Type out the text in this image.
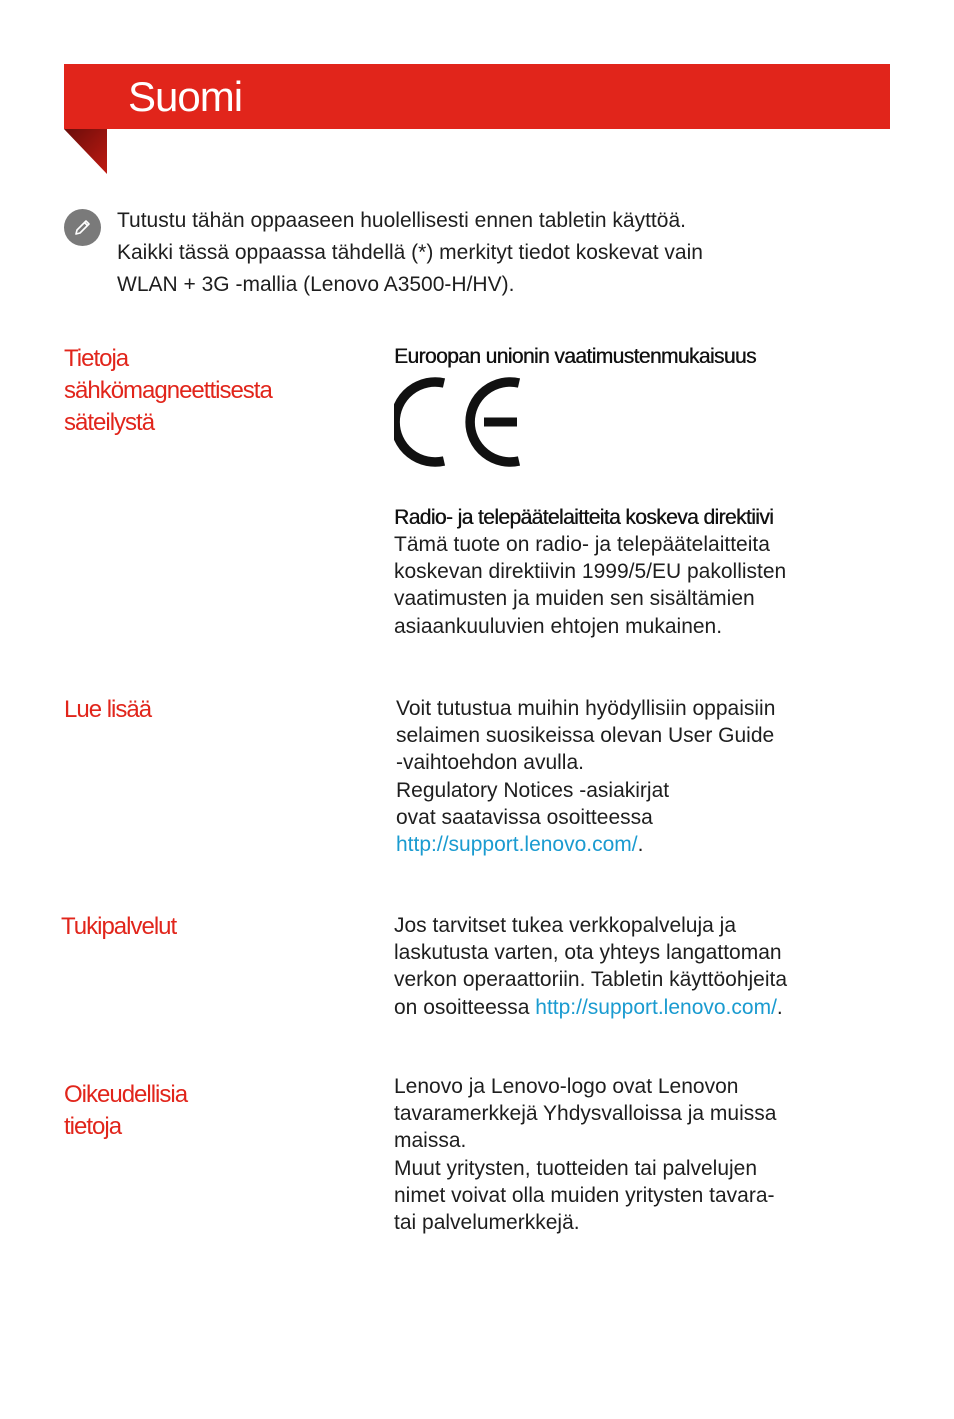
Suomi
Tutustu tähän oppaaseen huolellisesti ennen tabletin käyttöä.
Kaikki tässä oppaassa tähdellä (*) merkityt tiedot koskevat vain
WLAN + 3G -mallia (Lenovo A3500-H/HV).
Tietoja
sähkömagneettisesta
säteilystä
Euroopan unionin vaatimustenmukaisuus
Radio- ja telepäätelaitteita koskeva direktiivi
Tämä tuote on radio- ja telepäätelaitteita
koskevan direktiivin 1999/5/EU pakollisten
vaatimusten ja muiden sen sisältämien
asiaankuuluvien ehtojen mukainen.
Lue lisää	Voit tutustua muihin hyödyllisiin oppaisiin
selaimen suosikeissa olevan User Guide
-vaihtoehdon avulla.
Regulatory Notices -asiakirjat
ovat saatavissa osoitteessa
http://support.lenovo.com/.
Tukipalvelut	Jos tarvitset tukea verkkopalveluja ja
laskutusta varten, ota yhteys langattoman
verkon operaattoriin. Tabletin käyttöohjeita
on osoitteessa http://support.lenovo.com/.
Oikeudellisia
tietoja
Lenovo ja Lenovo-logo ovat Lenovon
tavaramerkkejä Yhdysvalloissa ja muissa
maissa.
Muut yritysten, tuotteiden tai palvelujen
nimet voivat olla muiden yritysten tavara-
tai palvelumerkkejä.
